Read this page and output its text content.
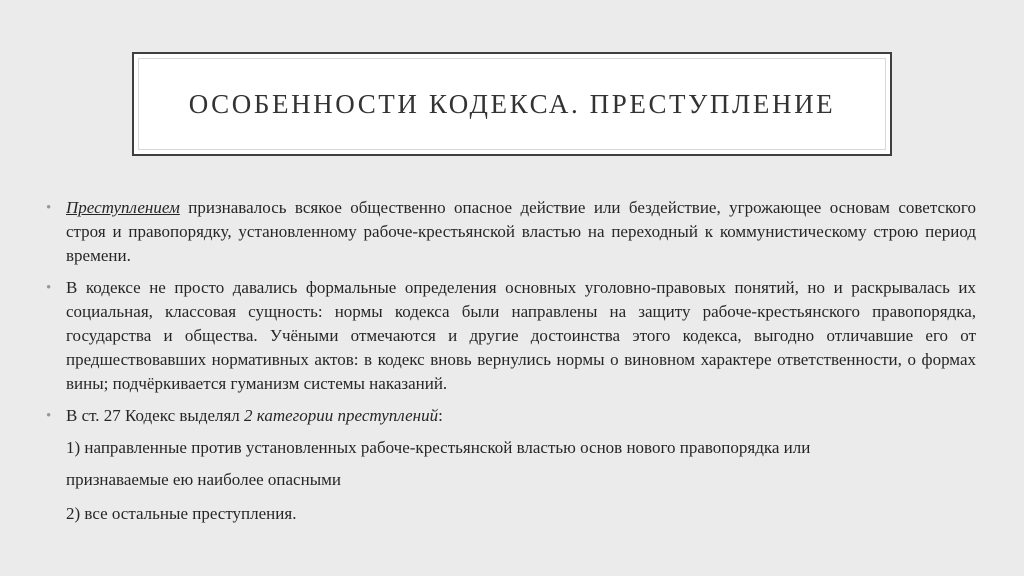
ОСОБЕННОСТИ КОДЕКСА. ПРЕСТУПЛЕНИЕ
• Преступлением признавалось всякое общественно опасное действие или бездействие, угрожающее основам советского строя и правопорядку, установленному рабоче-крестьянской властью на переходный к коммунистическому строю период времени.
• В кодексе не просто давались формальные определения основных уголовно-правовых понятий, но и раскрывалась их социальная, классовая сущность: нормы кодекса были направлены на защиту рабоче-крестьянского правопорядка, государства и общества. Учёными отмечаются и другие достоинства этого кодекса, выгодно отличавшие его от предшествовавших нормативных актов: в кодекс вновь вернулись нормы о виновном характере ответственности, о формах вины; подчёркивается гуманизм системы наказаний.
• В ст. 27 Кодекс выделял 2 категории преступлений:
1) направленные против установленных рабоче-крестьянской властью основ нового правопорядка или
признаваемые ею наиболее опасными
2) все остальные преступления.
